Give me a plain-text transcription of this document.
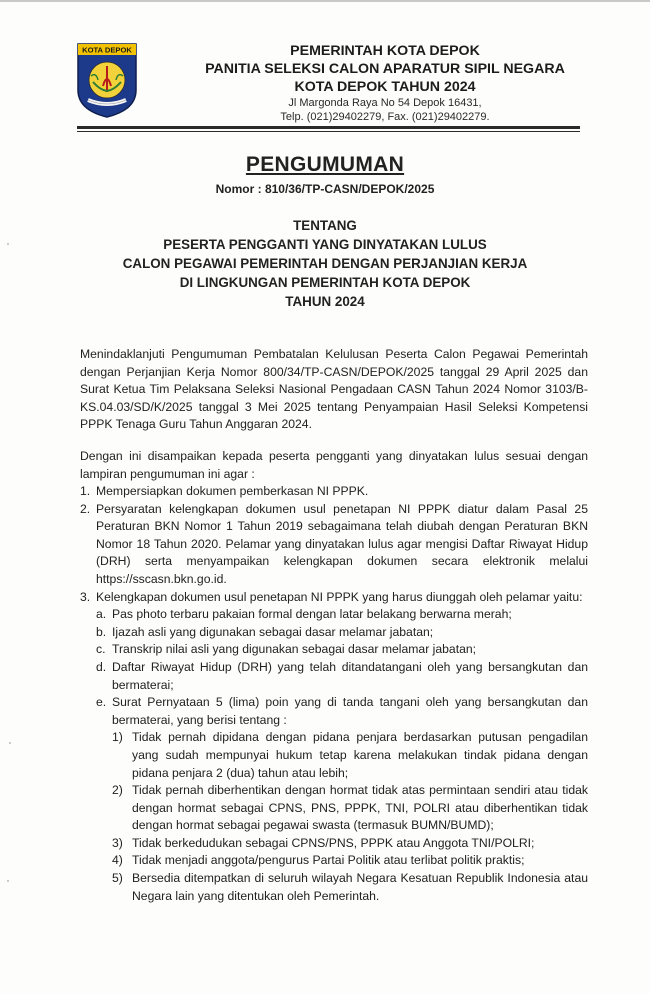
KOTA DEPOK	PEMERINTAH KOTA DEPOK
PANITIA SELEKSI CALON APARATUR SIPIL NEGARA
KOTA DEPOK TAHUN 2024
Jl Margonda Raya No 54 Depok 16431,
Telp. (021)29402279, Fax. (021)29402279.
PENGUMUMAN
Nomor : 810/36/TP-CASN/DEPOK/2025
TENTANG
PESERTA PENGGANTI YANG DINYATAKAN LULUS
CALON PEGAWAI PEMERINTAH DENGAN PERJANJIAN KERJA
DI LINGKUNGAN PEMERINTAH KOTA DEPOK
TAHUN 2024
Menindaklanjuti Pengumuman Pembatalan Kelulusan Peserta Calon Pegawai Pemerintah dengan Perjanjian Kerja Nomor 800/34/TP-CASN/DEPOK/2025 tanggal 29 April 2025 dan Surat Ketua Tim Pelaksana Seleksi Nasional Pengadaan CASN Tahun 2024 Nomor 3103/B-KS.04.03/SD/K/2025 tanggal 3 Mei 2025 tentang Penyampaian Hasil Seleksi Kompetensi PPPK Tenaga Guru Tahun Anggaran 2024.
Dengan ini disampaikan kepada peserta pengganti yang dinyatakan lulus sesuai dengan lampiran pengumuman ini agar :
1. Mempersiapkan dokumen pemberkasan NI PPPK.
2. Persyaratan kelengkapan dokumen usul penetapan NI PPPK diatur dalam Pasal 25 Peraturan BKN Nomor 1 Tahun 2019 sebagaimana telah diubah dengan Peraturan BKN Nomor 18 Tahun 2020. Pelamar yang dinyatakan lulus agar mengisi Daftar Riwayat Hidup (DRH) serta menyampaikan kelengkapan dokumen secara elektronik melalui https://sscasn.bkn.go.id.
3. Kelengkapan dokumen usul penetapan NI PPPK yang harus diunggah oleh pelamar yaitu:
a. Pas photo terbaru pakaian formal dengan latar belakang berwarna merah;
b. Ijazah asli yang digunakan sebagai dasar melamar jabatan;
c. Transkrip nilai asli yang digunakan sebagai dasar melamar jabatan;
d. Daftar Riwayat Hidup (DRH) yang telah ditandatangani oleh yang bersangkutan dan bermaterai;
e. Surat Pernyataan 5 (lima) poin yang di tanda tangani oleh yang bersangkutan dan bermaterai, yang berisi tentang :
1) Tidak pernah dipidana dengan pidana penjara berdasarkan putusan pengadilan yang sudah mempunyai hukum tetap karena melakukan tindak pidana dengan pidana penjara 2 (dua) tahun atau lebih;
2) Tidak pernah diberhentikan dengan hormat tidak atas permintaan sendiri atau tidak dengan hormat sebagai CPNS, PNS, PPPK, TNI, POLRI atau diberhentikan tidak dengan hormat sebagai pegawai swasta (termasuk BUMN/BUMD);
3) Tidak berkedudukan sebagai CPNS/PNS, PPPK atau Anggota TNI/POLRI;
4) Tidak menjadi anggota/pengurus Partai Politik atau terlibat politik praktis;
5) Bersedia ditempatkan di seluruh wilayah Negara Kesatuan Republik Indonesia atau Negara lain yang ditentukan oleh Pemerintah.
